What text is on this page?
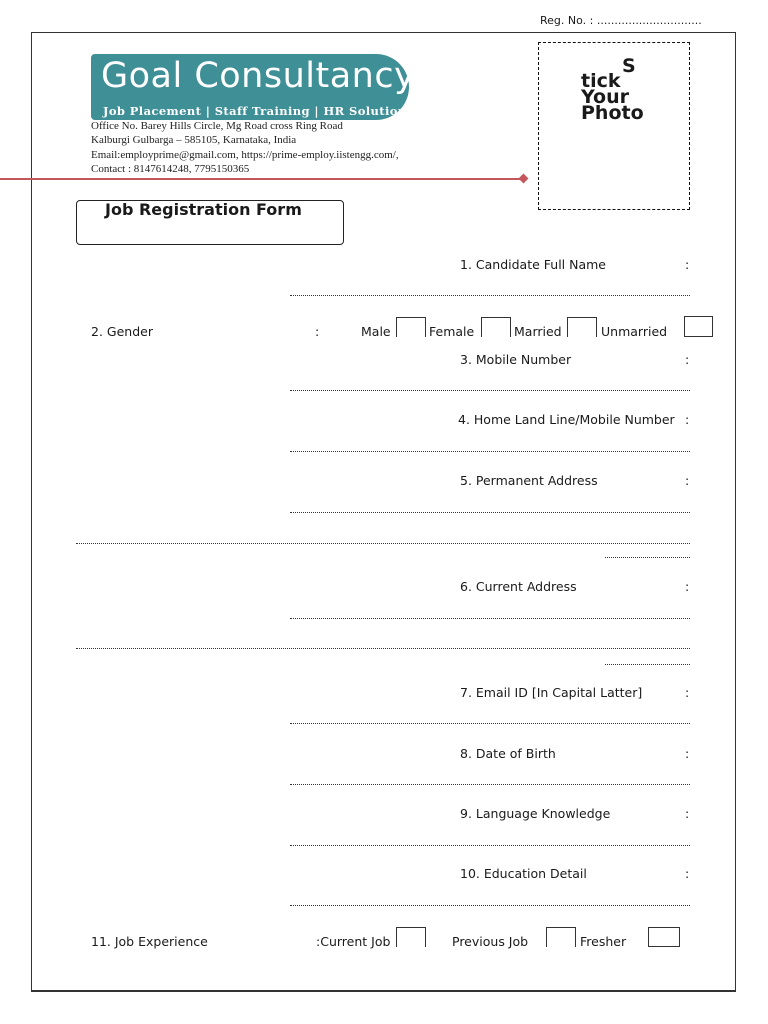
Reg. No. : ..............................
Goal Consultancy
Job Placement | Staff Training | HR Solution
Office No. Barey Hills Circle, Mg Road cross Ring Road
Kalburgi Gulbarga – 585105, Karnataka, India
Email:employprime@gmail.com, https://prime-employ.iistengg.com/,
Contact : 8147614248, 7795150365
S
tick
Your
Photo
Job Registration Form
1. Candidate Full Name	:
2. Gender	:	Male	Female	Married	Unmarried
3. Mobile Number	:
4. Home Land Line/Mobile Number :
5. Permanent Address	:
6. Current Address	:
7. Email ID [In Capital Latter]	:
8. Date of Birth	:
9. Language Knowledge	:
10. Education Detail	:
11. Job Experience	:Current Job	Previous Job	Fresher
